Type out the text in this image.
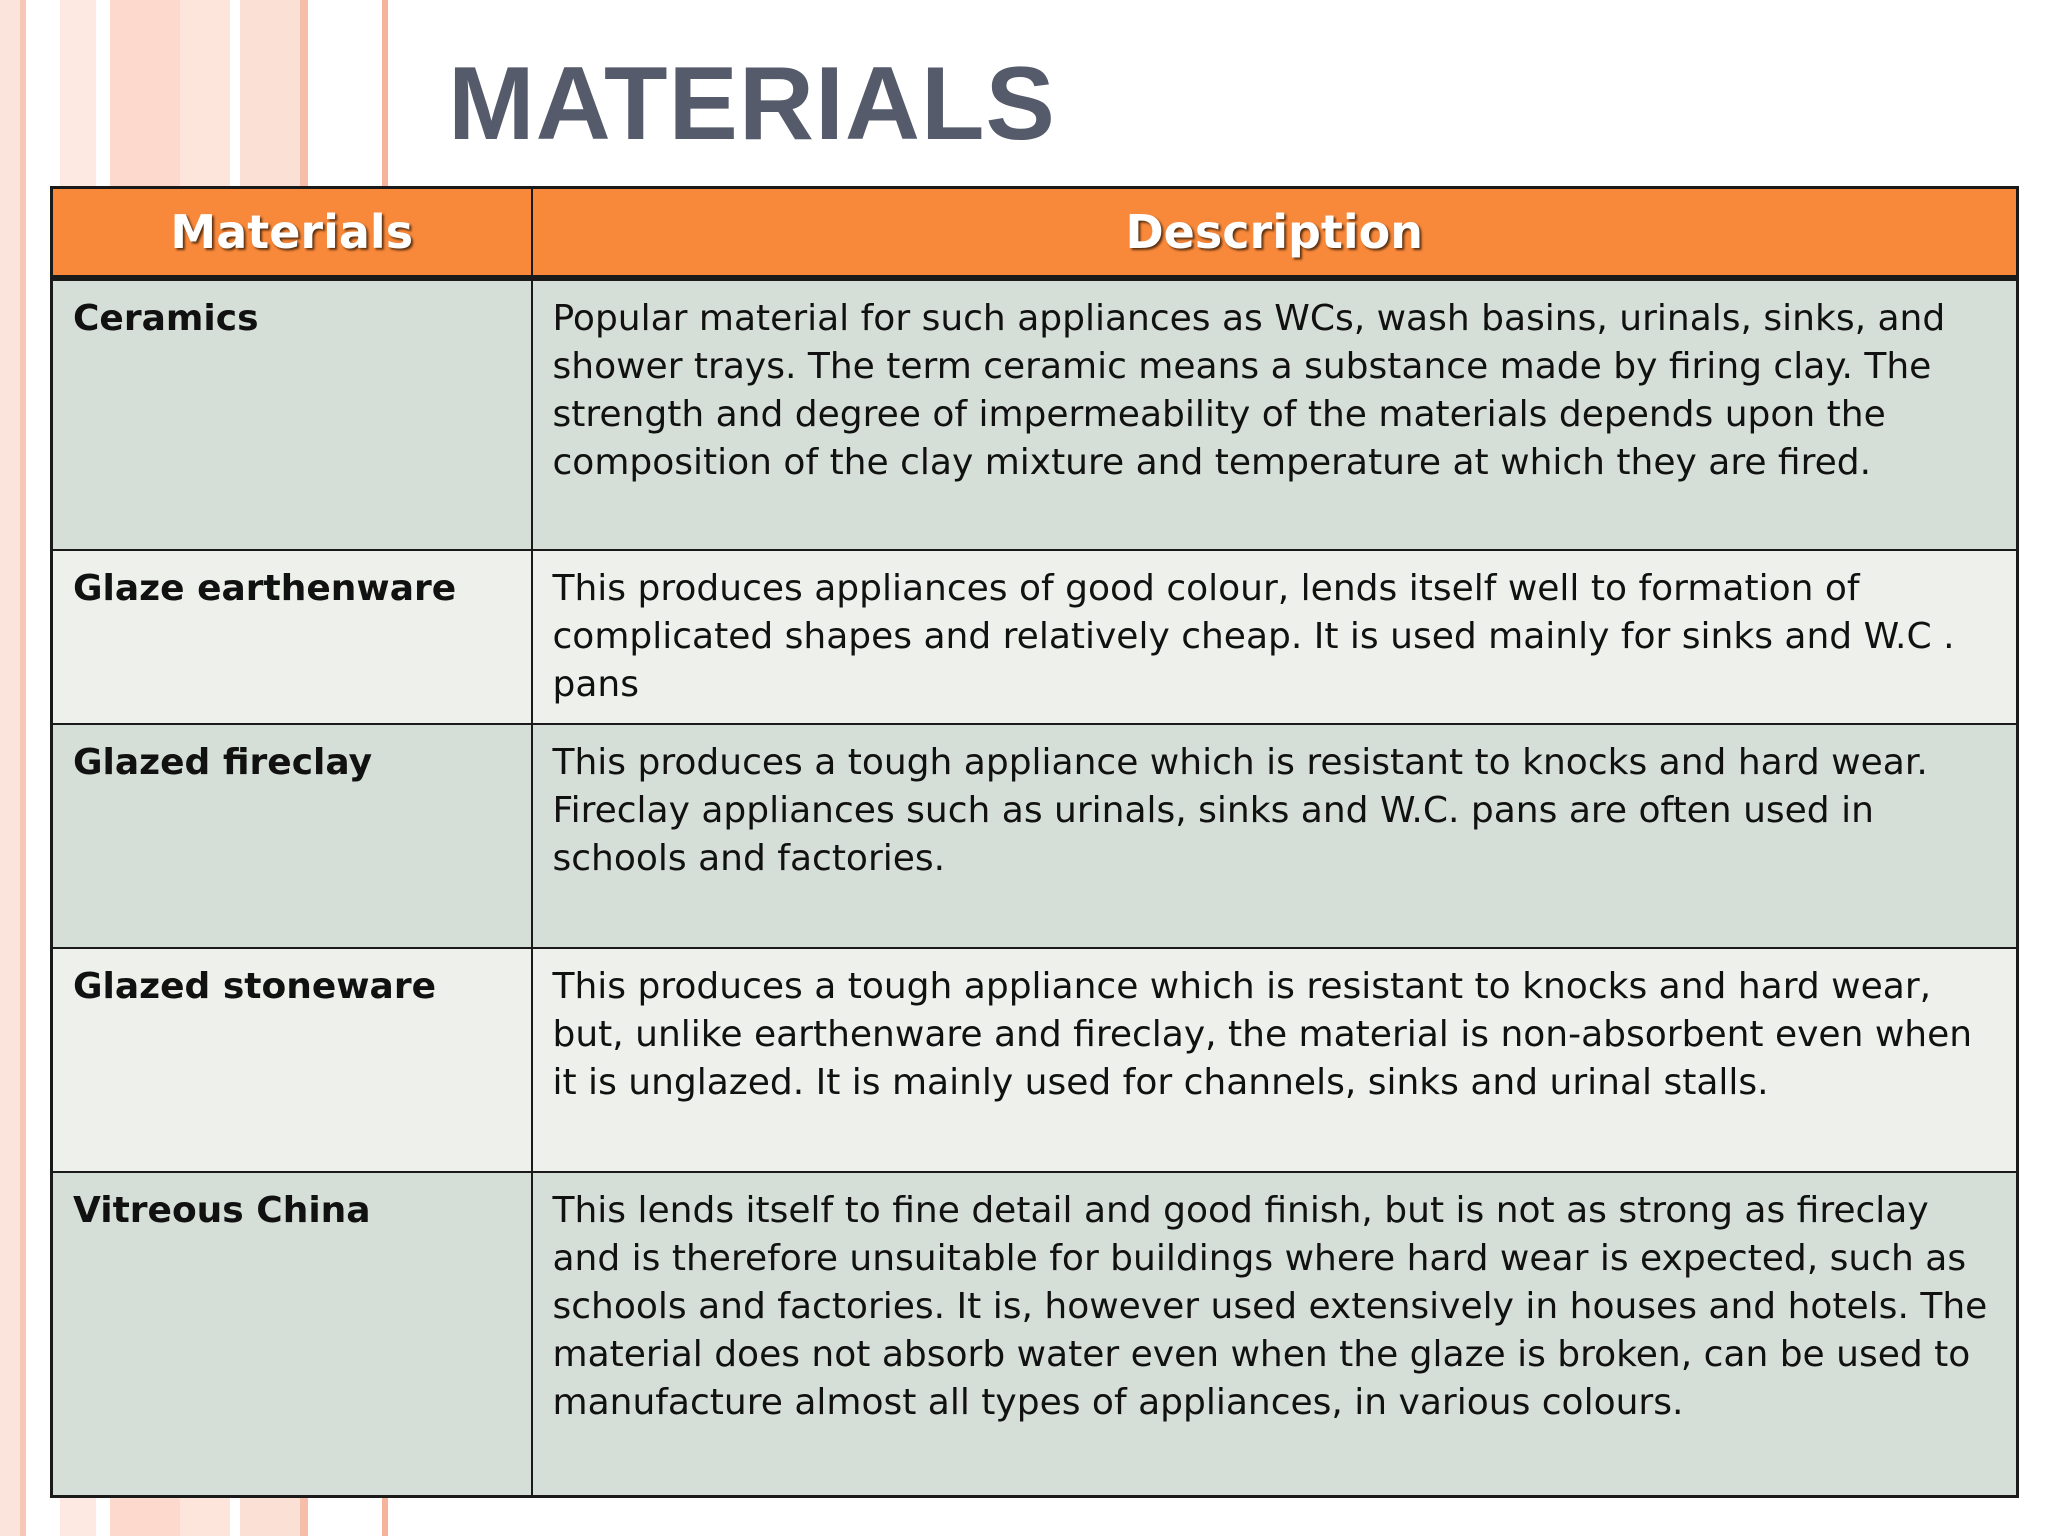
MATERIALS
Materials	Description
Ceramics	Popular material for such appliances as WCs, wash basins, urinals, sinks, and shower trays. The term ceramic means a substance made by firing clay. The strength and degree of impermeability of the materials depends upon the composition of the clay mixture and temperature at which they are fired.
Glaze earthenware	This produces appliances of good colour, lends itself well to formation of complicated shapes and relatively cheap. It is used mainly for sinks and W.C . pans
Glazed fireclay	This produces a tough appliance which is resistant to knocks and hard wear. Fireclay appliances such as urinals, sinks and W.C. pans are often used in schools and factories.
Glazed stoneware	This produces a tough appliance which is resistant to knocks and hard wear, but, unlike earthenware and fireclay, the material is non-absorbent even when it is unglazed. It is mainly used for channels, sinks and urinal stalls.
Vitreous China	This lends itself to fine detail and good finish, but is not as strong as fireclay and is therefore unsuitable for buildings where hard wear is expected, such as schools and factories. It is, however used extensively in houses and hotels. The material does not absorb water even when the glaze is broken, can be used to manufacture almost all types of appliances, in various colours.
